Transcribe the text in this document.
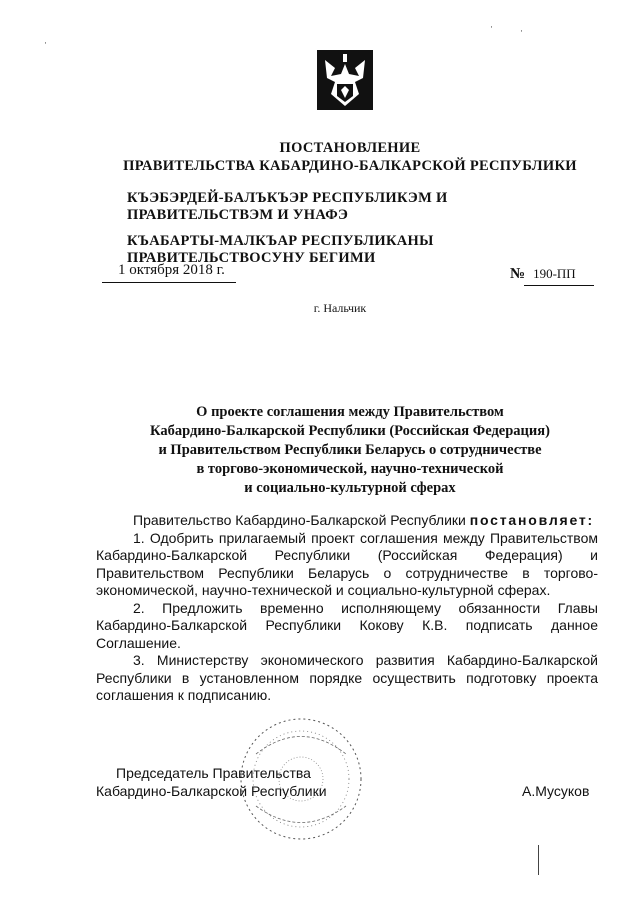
ПОСТАНОВЛЕНИЕ
ПРАВИТЕЛЬСТВА КАБАРДИНО-БАЛКАРСКОЙ РЕСПУБЛИКИ
КЪЭБЭРДЕЙ-БАЛЪКЪЭР РЕСПУБЛИКЭМ И ПРАВИТЕЛЬСТВЭМ И УНАФЭ
КЪАБАРТЫ-МАЛКЪАР РЕСПУБЛИКАНЫ ПРАВИТЕЛЬСТВОСУНУ БЕГИМИ
1 октября 2018 г.	№ 190-ПП
г. Нальчик
О проекте соглашения между Правительством
Кабардино-Балкарской Республики (Российская Федерация)
и Правительством Республики Беларусь о сотрудничестве
в торгово-экономической, научно-технической
и социально-культурной сферах

Правительство Кабардино-Балкарской Республики постановляет:

1. Одобрить прилагаемый проект соглашения между Правительством Кабардино-Балкарской Республики (Российская Федерация) и Правительством Республики Беларусь о сотрудничестве в торгово-экономической, научно-технической и социально-культурной сферах.

2. Предложить временно исполняющему обязанности Главы Кабардино-Балкарской Республики Кокову К.В. подписать данное Соглашение.

3. Министерству экономического развития Кабардино-Балкарской Республики в установленном порядке осуществить подготовку проекта соглашения к подписанию.

Председатель Правительства
Кабардино-Балкарской Республики	А.Мусуков
·
·	·
